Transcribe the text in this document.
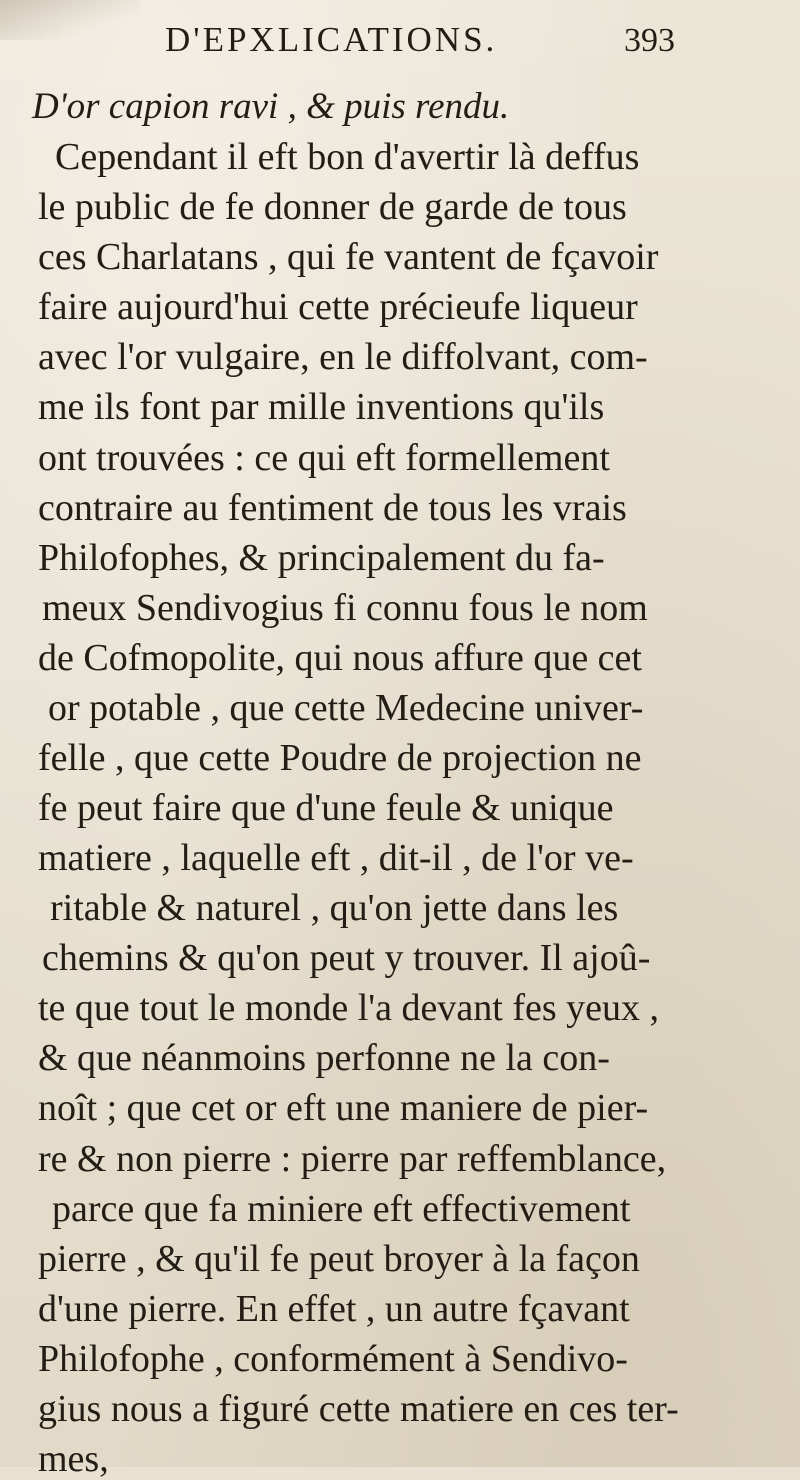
D'EPXLICATIONS.	393
D'or capion ravi , & puis rendu.
Cependant il eft bon d'avertir là deffus
le public de fe donner de garde de tous
ces Charlatans , qui fe vantent de fçavoir
faire aujourd'hui cette précieufe liqueur
avec l'or vulgaire, en le diffolvant, com-
me ils font par mille inventions qu'ils
ont trouvées : ce qui eft formellement
contraire au fentiment de tous les vrais
Philofophes, & principalement du fa-
meux Sendivogius fi connu fous le nom
de Cofmopolite, qui nous affure que cet
or potable , que cette Medecine univer-
felle , que cette Poudre de projection ne
fe peut faire que d'une feule & unique
matiere , laquelle eft , dit-il , de l'or ve-
ritable & naturel , qu'on jette dans les
chemins & qu'on peut y trouver. Il ajoû-
te que tout le monde l'a devant fes yeux ,
& que néanmoins perfonne ne la con-
noît ; que cet or eft une maniere de pier-
re & non pierre : pierre par reffemblance,
parce que fa miniere eft effectivement
pierre , & qu'il fe peut broyer à la façon
d'une pierre. En effet , un autre fçavant
Philofophe , conformément à Sendivo-
gius nous a figuré cette matiere en ces ter-
mes,
